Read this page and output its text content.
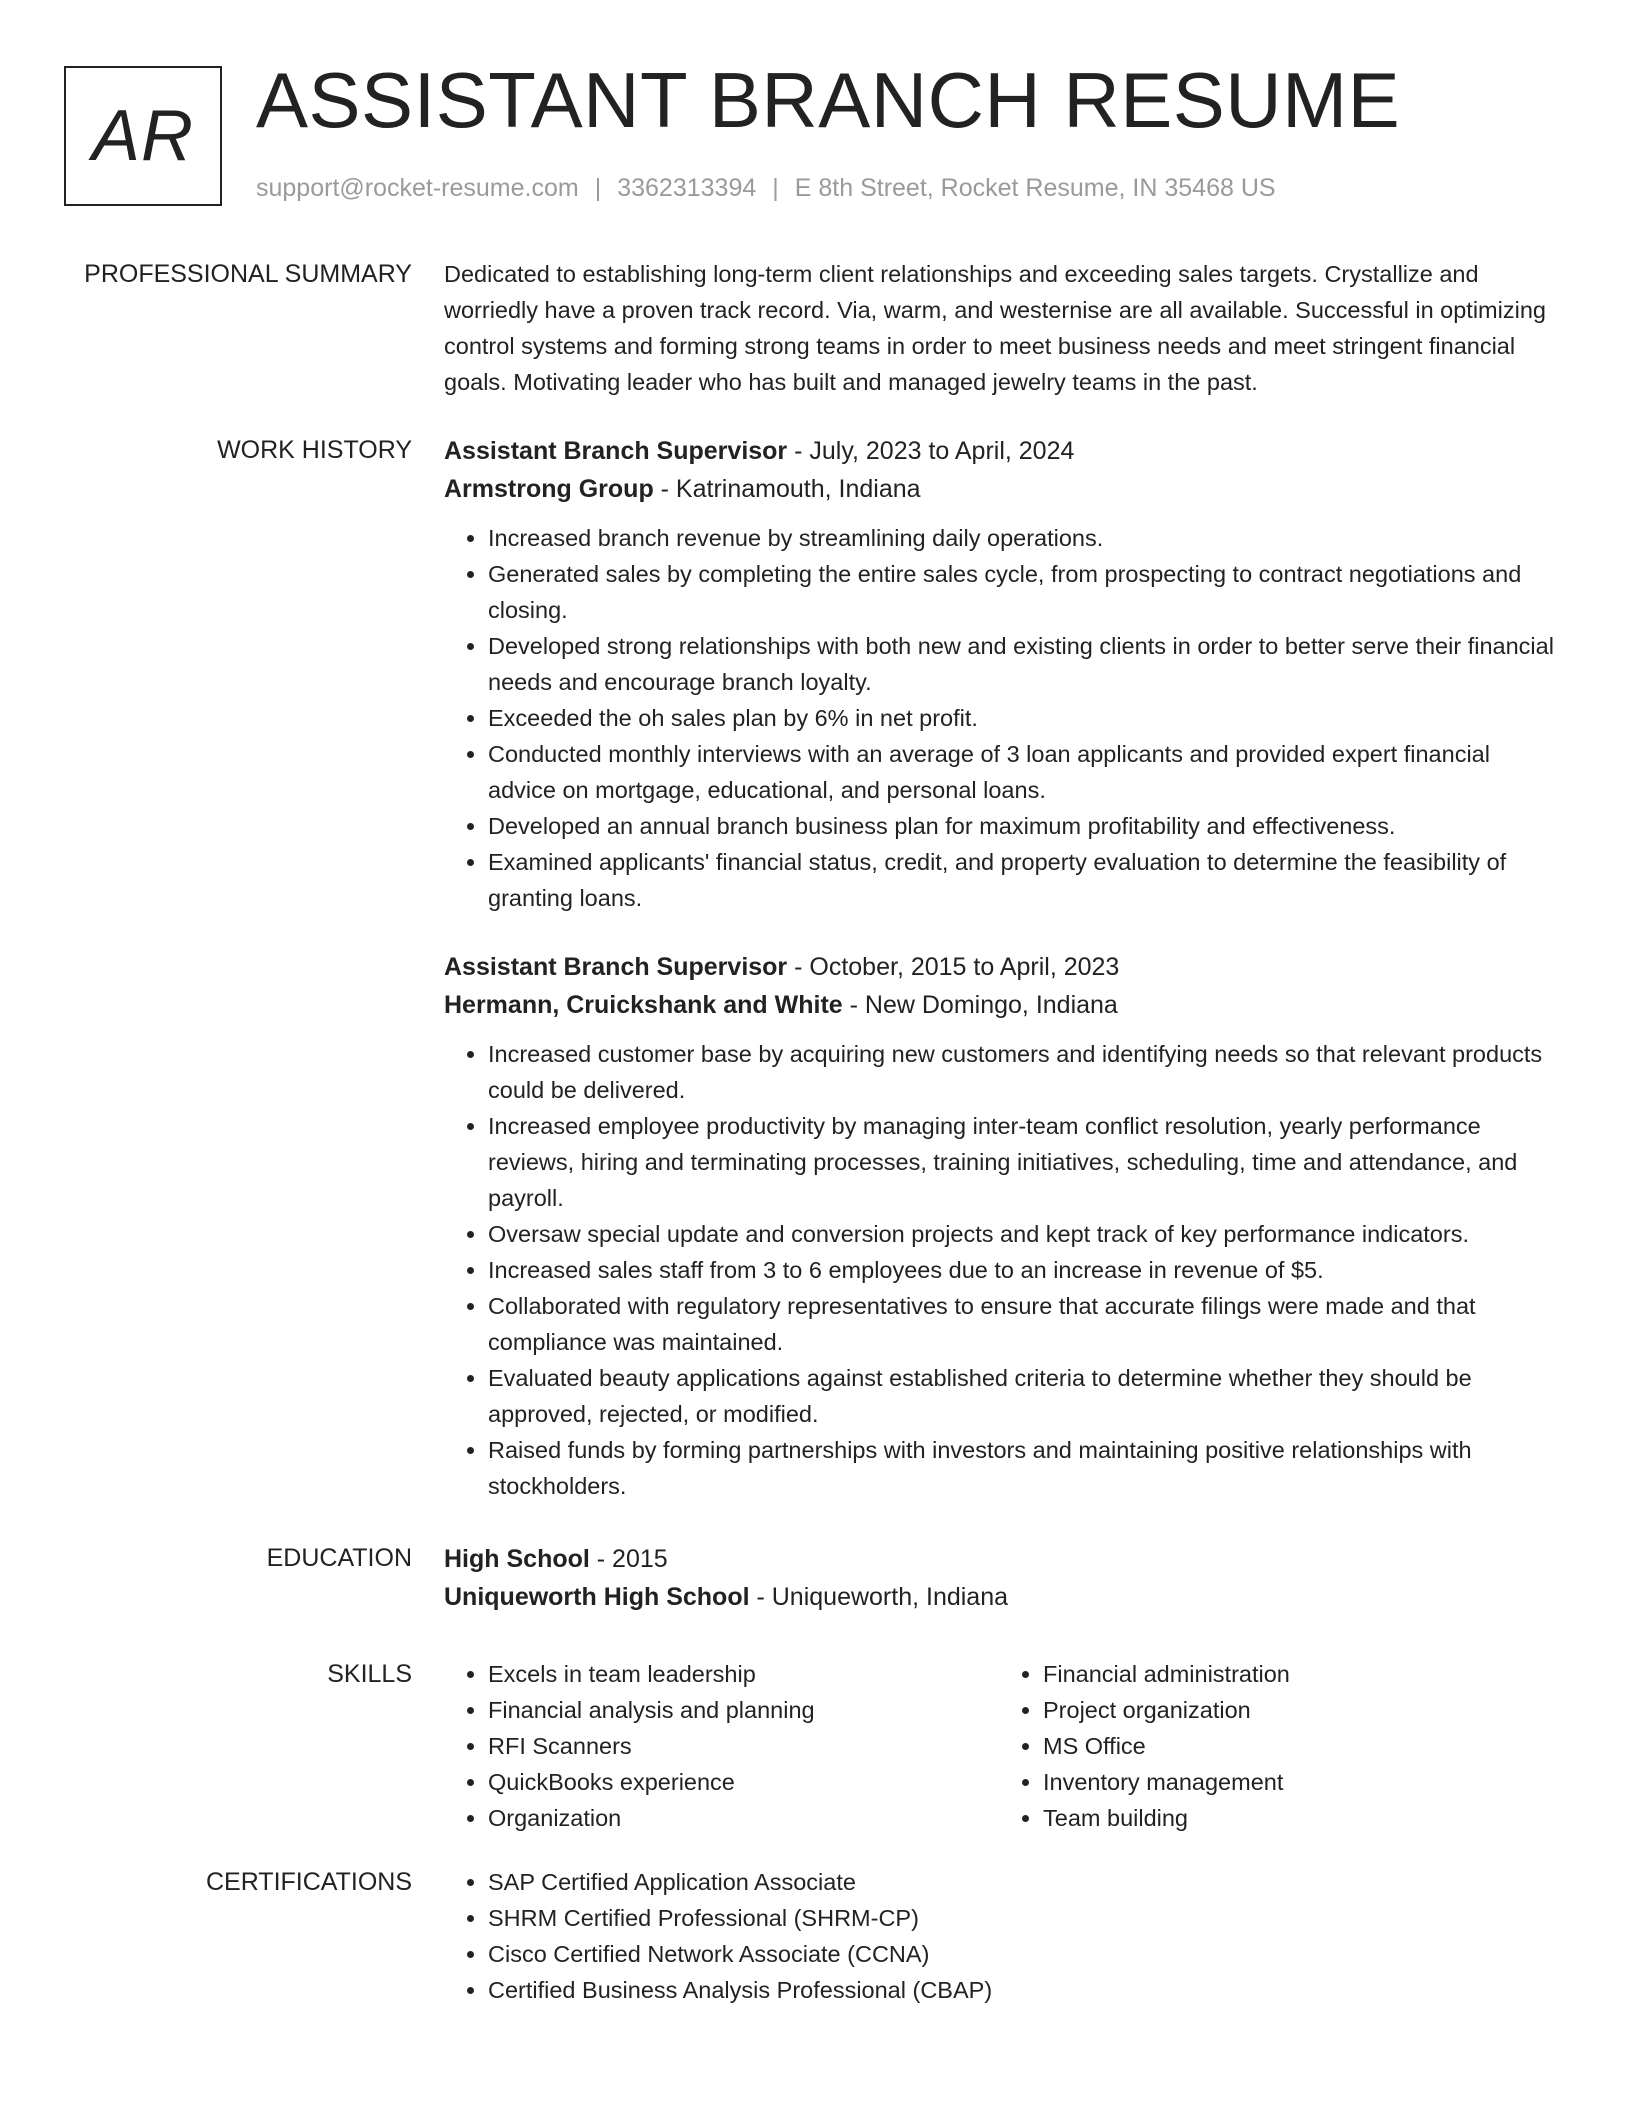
AR ASSISTANT BRANCH RESUME
support@rocket-resume.com | 3362313394 | E 8th Street, Rocket Resume, IN 35468 US
PROFESSIONAL SUMMARY Dedicated to establishing long-term client relationships and exceeding sales targets. Crystallize and worriedly have a proven track record. Via, warm, and westernise are all available. Successful in optimizing control systems and forming strong teams in order to meet business needs and meet stringent financial goals. Motivating leader who has built and managed jewelry teams in the past.

WORK HISTORY Assistant Branch Supervisor - July, 2023 to April, 2024
Armstrong Group - Katrinamouth, Indiana
• Increased branch revenue by streamlining daily operations.
• Generated sales by completing the entire sales cycle, from prospecting to contract negotiations and closing.
• Developed strong relationships with both new and existing clients in order to better serve their financial needs and encourage branch loyalty.
• Exceeded the oh sales plan by 6% in net profit.
• Conducted monthly interviews with an average of 3 loan applicants and provided expert financial advice on mortgage, educational, and personal loans.
• Developed an annual branch business plan for maximum profitability and effectiveness.
• Examined applicants' financial status, credit, and property evaluation to determine the feasibility of granting loans.
Assistant Branch Supervisor - October, 2015 to April, 2023
Hermann, Cruickshank and White - New Domingo, Indiana
• Increased customer base by acquiring new customers and identifying needs so that relevant products could be delivered.
• Increased employee productivity by managing inter-team conflict resolution, yearly performance reviews, hiring and terminating processes, training initiatives, scheduling, time and attendance, and payroll.
• Oversaw special update and conversion projects and kept track of key performance indicators.
• Increased sales staff from 3 to 6 employees due to an increase in revenue of $5.
• Collaborated with regulatory representatives to ensure that accurate filings were made and that compliance was maintained.
• Evaluated beauty applications against established criteria to determine whether they should be approved, rejected, or modified.
• Raised funds by forming partnerships with investors and maintaining positive relationships with stockholders.
EDUCATION High School - 2015
Uniqueworth High School - Uniqueworth, Indiana
SKILLS	• Excels in team leadership
• Financial analysis and planning
• RFI Scanners
• QuickBooks experience
• Organization
• Financial administration
• Project organization
• MS Office
• Inventory management
• Team building
CERTIFICATIONS	• SAP Certified Application Associate
• SHRM Certified Professional (SHRM-CP)
• Cisco Certified Network Associate (CCNA)
• Certified Business Analysis Professional (CBAP)
